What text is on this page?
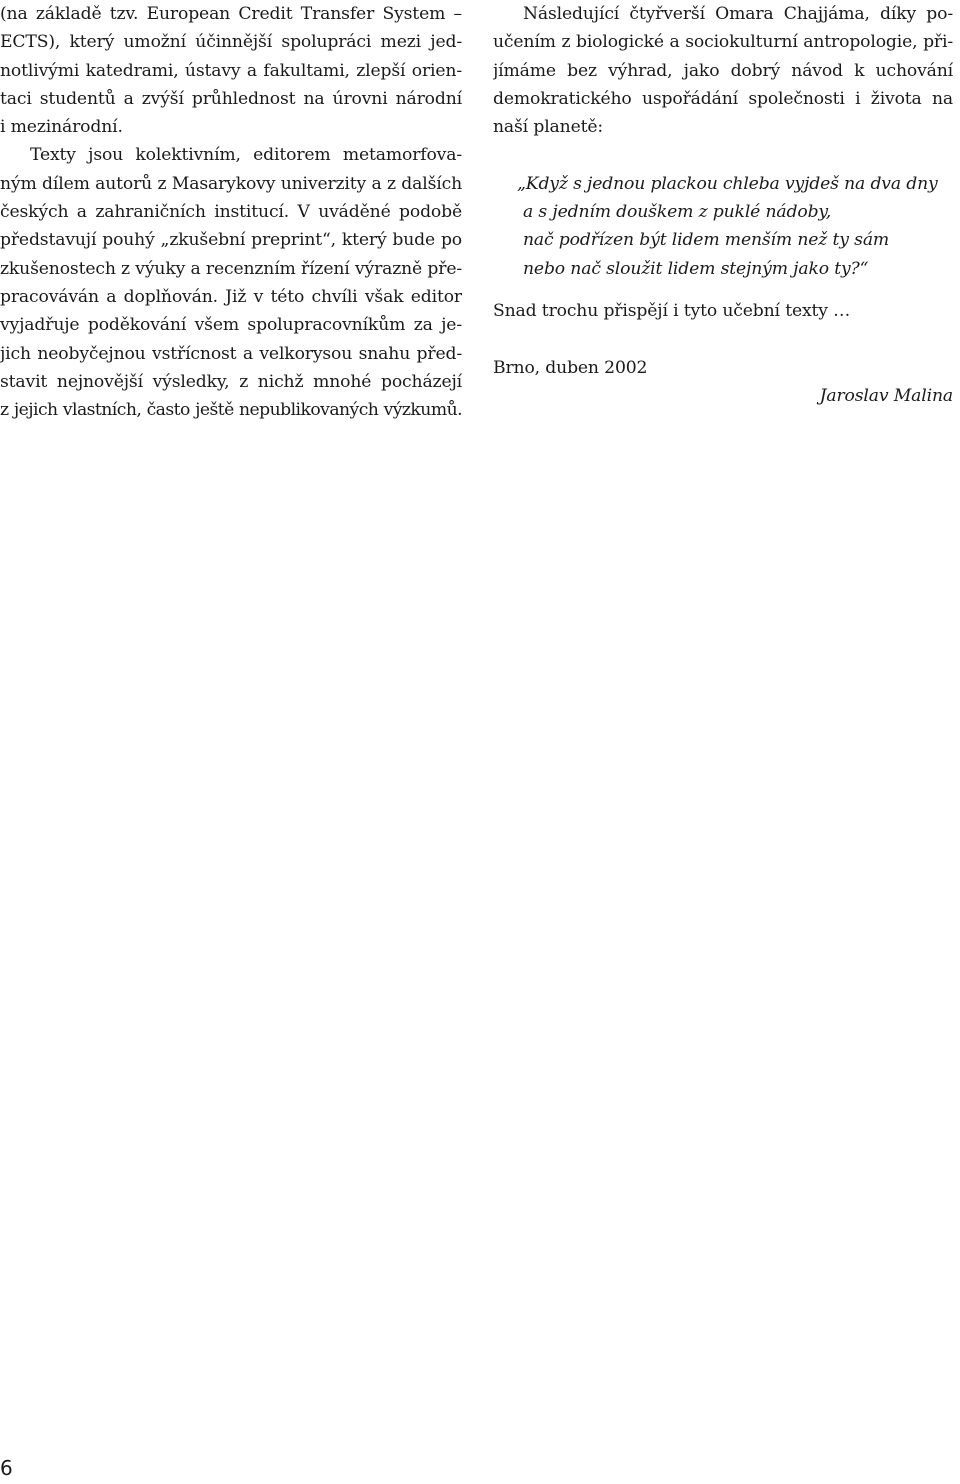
(na základě tzv. European Credit Transfer System –
ECTS), který umožní účinnější spolupráci mezi jed-
notlivými katedrami, ústavy a fakultami, zlepší orien-
taci studentů a zvýší průhlednost na úrovni národní
i mezinárodní.
Texty jsou kolektivním, editorem metamorfova-
ným dílem autorů z Masarykovy univerzity a z dalších
českých a zahraničních institucí. V uváděné podobě
představují pouhý „zkušební preprint“, který bude po
zkušenostech z výuky a recenzním řízení výrazně pře-
pracováván a doplňován. Již v této chvíli však editor
vyjadřuje poděkování všem spolupracovníkům za je-
jich neobyčejnou vstřícnost a velkorysou snahu před-
stavit nejnovější výsledky, z nichž mnohé pocházejí
z jejich vlastních, často ještě nepublikovaných výzkumů.
Následující čtyřverší Omara Chajjáma, díky po-
učením z biologické a sociokulturní antropologie, při-
jímáme bez výhrad, jako dobrý návod k uchování
demokratického uspořádání společnosti i života na
naší planetě:
„Když s jednou plackou chleba vyjdeš na dva dny
a s jedním douškem z puklé nádoby,
nač podřízen být lidem menším než ty sám
nebo nač sloužit lidem stejným jako ty?“
Snad trochu přispějí i tyto učební texty …
Brno, duben 2002
Jaroslav Malina
6
